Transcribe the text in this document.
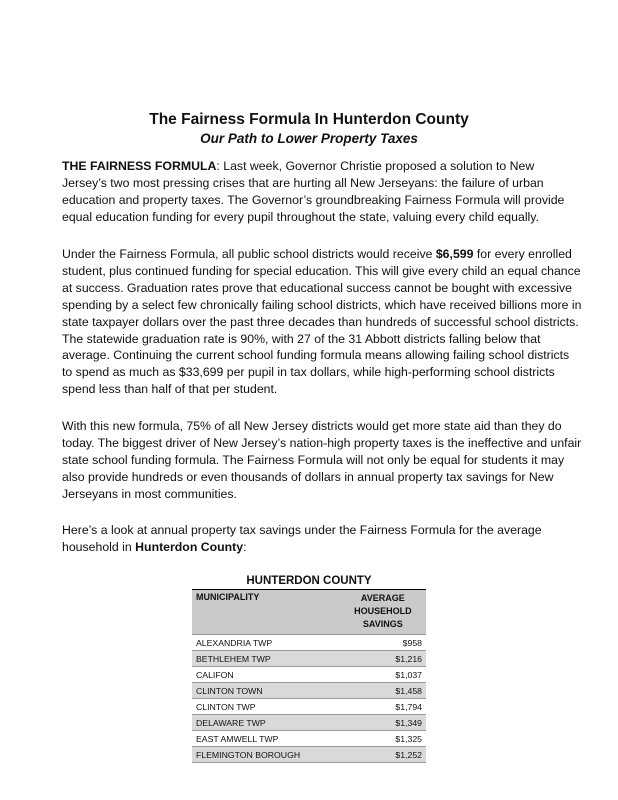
The Fairness Formula In Hunterdon County
Our Path to Lower Property Taxes

THE FAIRNESS FORMULA: Last week, Governor Christie proposed a solution to New Jersey’s two most pressing crises that are hurting all New Jerseyans: the failure of urban education and property taxes. The Governor’s groundbreaking Fairness Formula will provide equal education funding for every pupil throughout the state, valuing every child equally.

Under the Fairness Formula, all public school districts would receive $6,599 for every enrolled student, plus continued funding for special education. This will give every child an equal chance at success. Graduation rates prove that educational success cannot be bought with excessive spending by a select few chronically failing school districts, which have received billions more in state taxpayer dollars over the past three decades than hundreds of successful school districts. The statewide graduation rate is 90%, with 27 of the 31 Abbott districts falling below that average. Continuing the current school funding formula means allowing failing school districts to spend as much as $33,699 per pupil in tax dollars, while high-performing school districts spend less than half of that per student.

With this new formula, 75% of all New Jersey districts would get more state aid than they do today. The biggest driver of New Jersey’s nation-high property taxes is the ineffective and unfair state school funding formula. The Fairness Formula will not only be equal for students it may also provide hundreds or even thousands of dollars in annual property tax savings for New Jerseyans in most communities.

Here’s a look at annual property tax savings under the Fairness Formula for the average household in Hunterdon County:

HUNTERDON COUNTY	
MUNICIPALITY	AVERAGE
HOUSEHOLD
SAVINGS
ALEXANDRIA TWP	$958
BETHLEHEM TWP	$1,216
CALIFON	$1,037
CLINTON TOWN	$1,458
CLINTON TWP	$1,794
DELAWARE TWP	$1,349
EAST AMWELL TWP	$1,325
FLEMINGTON BOROUGH	$1,252
